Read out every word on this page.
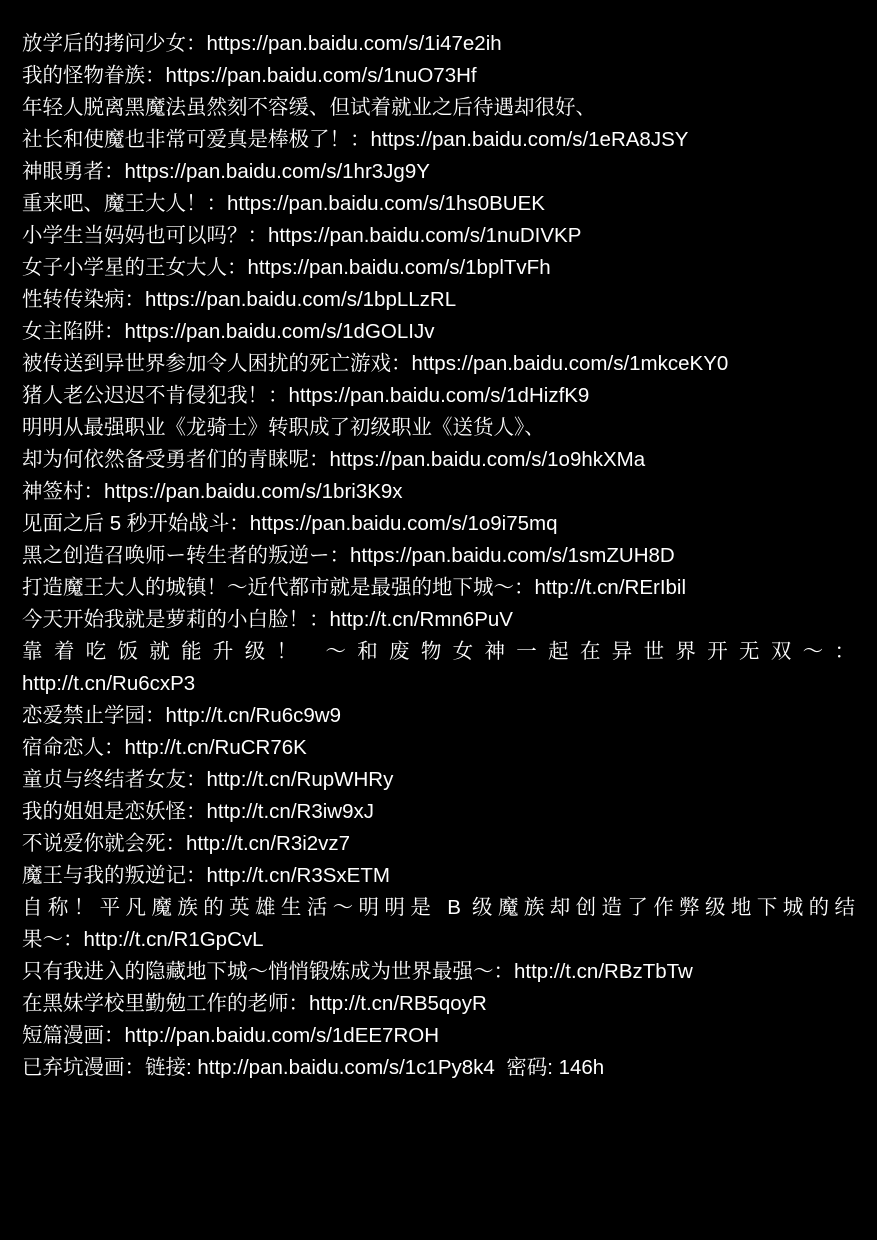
放学后的拷问少女：https://pan.baidu.com/s/1i47e2ih
我的怪物眷族：https://pan.baidu.com/s/1nuO73Hf
年轻人脱离黑魔法虽然刻不容缓、但试着就业之后待遇却很好、
社长和使魔也非常可爱真是棒极了！：https://pan.baidu.com/s/1eRA8JSY
神眼勇者：https://pan.baidu.com/s/1hr3Jg9Y
重来吧、魔王大人！：https://pan.baidu.com/s/1hs0BUEK
小学生当妈妈也可以吗？：https://pan.baidu.com/s/1nuDIVKP
女子小学星的王女大人：https://pan.baidu.com/s/1bplTvFh
性转传染病：https://pan.baidu.com/s/1bpLLzRL
女主陷阱：https://pan.baidu.com/s/1dGOLIJv
被传送到异世界参加令人困扰的死亡游戏：https://pan.baidu.com/s/1mkceKY0
猪人老公迟迟不肯侵犯我！：https://pan.baidu.com/s/1dHizfK9
明明从最强职业《龙骑士》转职成了初级职业《送货人》、
却为何依然备受勇者们的青睐呢：https://pan.baidu.com/s/1o9hkXMa
神签村：https://pan.baidu.com/s/1bri3K9x
见面之后 5 秒开始战斗：https://pan.baidu.com/s/1o9i75mq
黑之创造召唤师ー转生者的叛逆ー：https://pan.baidu.com/s/1smZUH8D
打造魔王大人的城镇！〜近代都市就是最强的地下城〜：http://t.cn/RErIbil
今天开始我就是萝莉的小白脸！：http://t.cn/Rmn6PuV
靠着吃饭就能升级！ 〜和废物女神一起在异世界开无双〜：
http://t.cn/Ru6cxP3
恋爱禁止学园：http://t.cn/Ru6c9w9
宿命恋人：http://t.cn/RuCR76K
童贞与终结者女友：http://t.cn/RupWHRy
我的姐姐是恋妖怪：http://t.cn/R3iw9xJ
不说爱你就会死：http://t.cn/R3i2vz7
魔王与我的叛逆记：http://t.cn/R3SxETM
自称！平凡魔族的英雄生活〜明明是 B 级魔族却创造了作弊级地下城的结
果〜：http://t.cn/R1GpCvL
只有我进入的隐藏地下城〜悄悄锻炼成为世界最强〜：http://t.cn/RBzTbTw
在黑妹学校里勤勉工作的老师：http://t.cn/RB5qoyR
短篇漫画：http://pan.baidu.com/s/1dEE7ROH
已弃坑漫画：链接: http://pan.baidu.com/s/1c1Py8k4  密码: 146h
